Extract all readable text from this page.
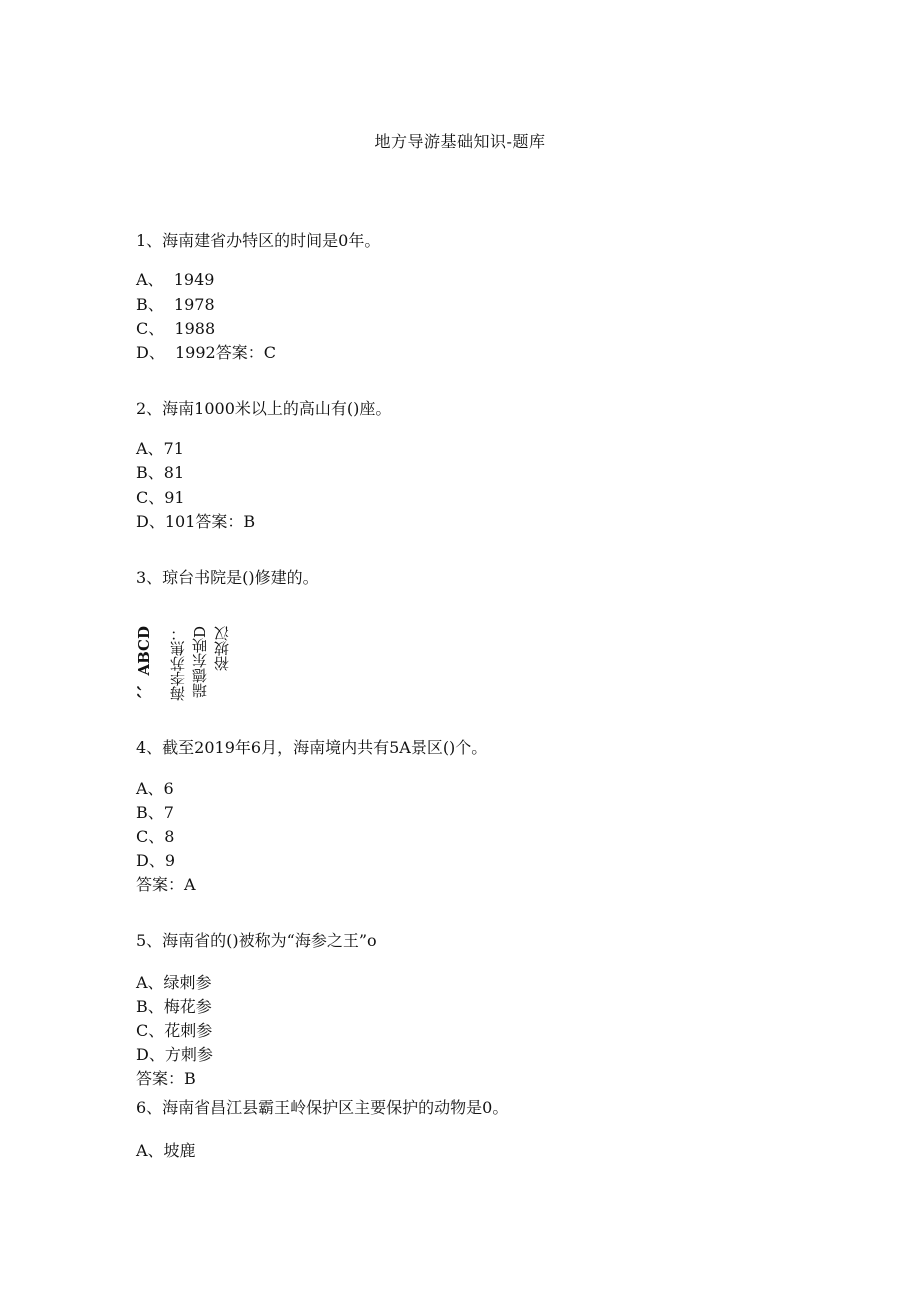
地方导游基础知识-题库
1、海南建省办特区的时间是0年。
A、  1949
B、  1978
C、  1988
D、  1992答案：C
2、海南1000米以上的高山有()座。
A、71
B、81
C、91
D、101答案：B
3、琼台书院是()修建的。
、、ABCD 海李苏焦： 瑞德东映D 裕坡汉
4、截至2019年6月，海南境内共有5A景区()个。
A、6
B、7
C、8
D、9
答案：A
5、海南省的()被称为“海参之王”o
A、绿刺参
B、梅花参
C、花刺参
D、方刺参
答案：B
6、海南省昌江县霸王岭保护区主要保护的动物是0。
A、坡鹿
